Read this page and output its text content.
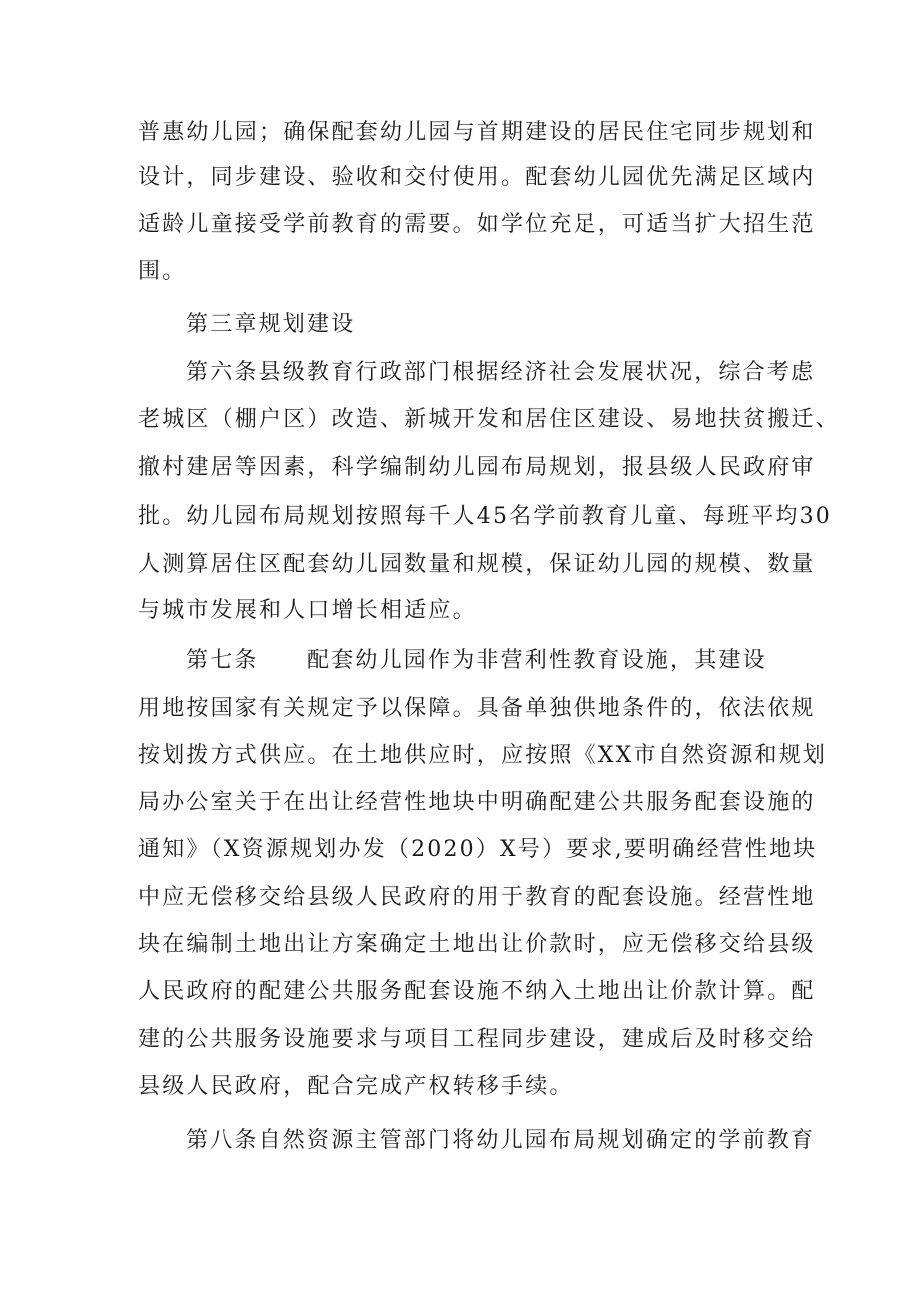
普惠幼儿园；确保配套幼儿园与首期建设的居民住宅同步规划和
设计，同步建设、验收和交付使用。配套幼儿园优先满足区域内
适龄儿童接受学前教育的需要。如学位充足，可适当扩大招生范
围。
第三章规划建设
第六条县级教育行政部门根据经济社会发展状况，综合考虑
老城区（棚户区）改造、新城开发和居住区建设、易地扶贫搬迁、
撤村建居等因素，科学编制幼儿园布局规划，报县级人民政府审
批。幼儿园布局规划按照每千人45名学前教育儿童、每班平均30
人测算居住区配套幼儿园数量和规模，保证幼儿园的规模、数量
与城市发展和人口增长相适应。
第七条　　配套幼儿园作为非营利性教育设施，其建设
用地按国家有关规定予以保障。具备单独供地条件的，依法依规
按划拨方式供应。在土地供应时，应按照《XX市自然资源和规划
局办公室关于在出让经营性地块中明确配建公共服务配套设施的
通知》（X资源规划办发（2020）X号）要求,要明确经营性地块
中应无偿移交给县级人民政府的用于教育的配套设施。经营性地
块在编制土地出让方案确定土地出让价款时，应无偿移交给县级
人民政府的配建公共服务配套设施不纳入土地出让价款计算。配
建的公共服务设施要求与项目工程同步建设，建成后及时移交给
县级人民政府，配合完成产权转移手续。
第八条自然资源主管部门将幼儿园布局规划确定的学前教育
